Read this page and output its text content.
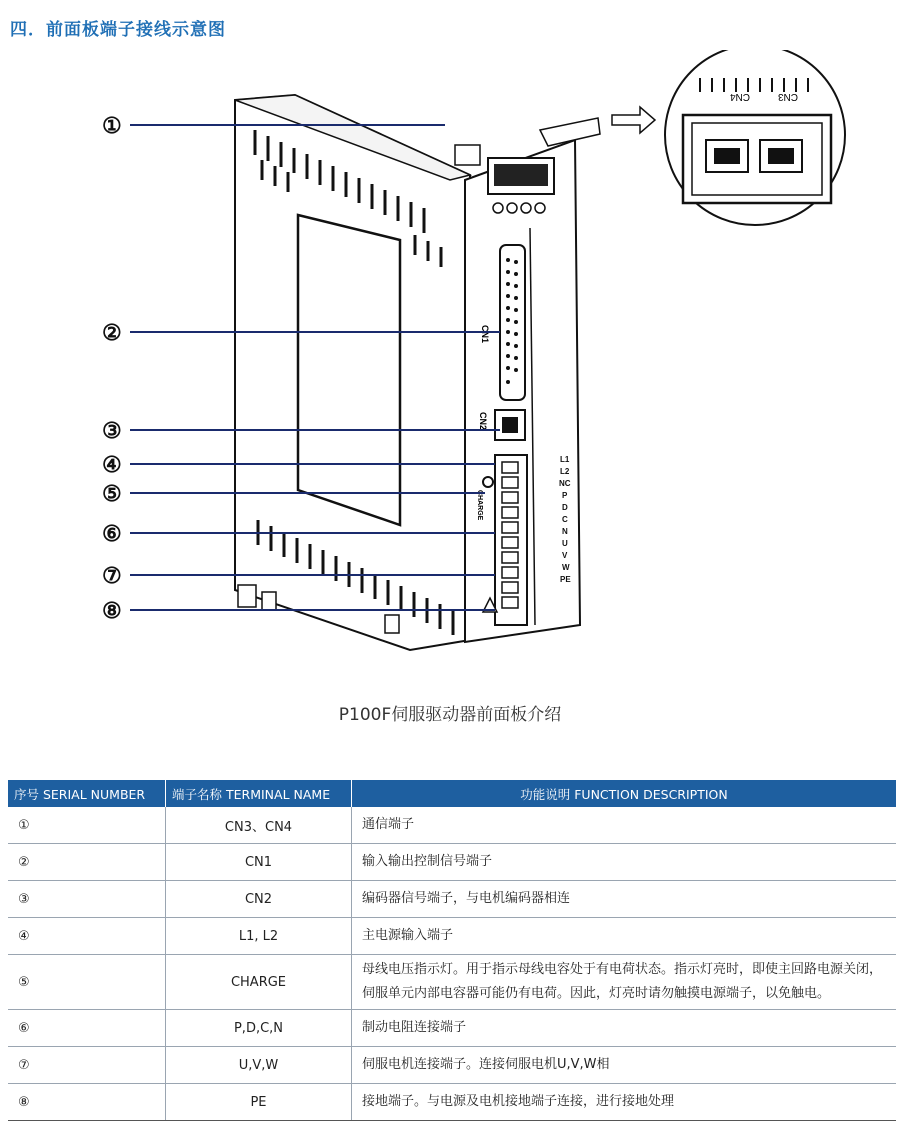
四．前面板端子接线示意图
CN1
CN2
CHARGE
L1
L2
NC
P
D
C
N
U
V
W
PE
①
②
③
④
⑤
⑥
⑦
⑧
CN4	CN3
P100F伺服驱动器前面板介绍
序号 SERIAL NUMBER	端子名称 TERMINAL NAME	功能说明 FUNCTION DESCRIPTION
①	CN3、CN4	通信端子
②	CN1	输入输出控制信号端子
③	CN2	编码器信号端子，与电机编码器相连
④	L1, L2	主电源输入端子
⑤	CHARGE	母线电压指示灯。用于指示母线电容处于有电荷状态。指示灯亮时，即使主回路电源关闭，伺服单元内部电容器可能仍有电荷。因此，灯亮时请勿触摸电源端子，以免触电。
⑥	P,D,C,N	制动电阻连接端子
⑦	U,V,W	伺服电机连接端子。连接伺服电机U,V,W相
⑧	PE	接地端子。与电源及电机接地端子连接，进行接地处理
